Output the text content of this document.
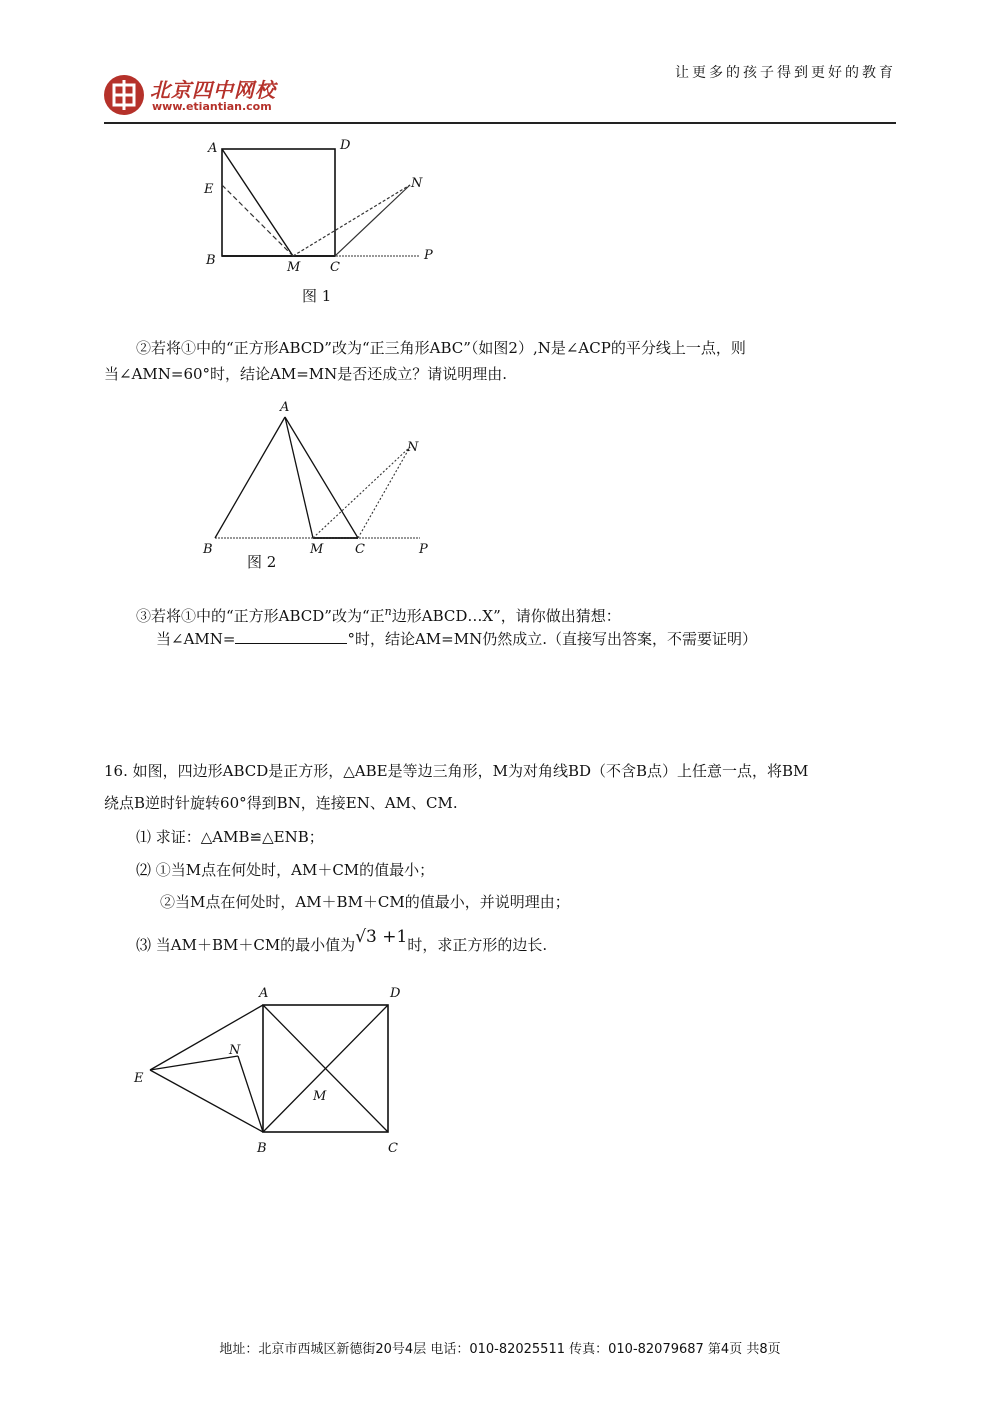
北京四中网校
www.etiantian.com
让更多的孩子得到更好的教育
A	D
E	N
B	M C
P
图 1
②若将①中的“正方形ABCD”改为“正三角形ABC”（如图2）,N是∠ACP的平分线上一点，则
当∠AMN=60°时，结论AM=MN是否还成立？请说明理由.
A
N
B	M C	P
图 2
③若将①中的“正方形ABCD”改为“正$^n$边形ABCD…X”，请你做出猜想：
当∠AMN=	°时，结论AM=MN仍然成立.（直接写出答案，不需要证明）
16. 如图，四边形ABCD是正方形，△ABE是等边三角形，M为对角线BD（不含B点）上任意一点，将BM
绕点B逆时针旋转60°得到BN，连接EN、AM、CM.
⑴ 求证：△AMB≌△ENB；
⑵ ①当M点在何处时，AM＋CM的值最小；
②当M点在何处时，AM＋BM＋CM的值最小，并说明理由；
⑶ 当AM＋BM＋CM的最小值为√3 +1时，求正方形的边长.
A	D
N
E
M
B	C
地址：北京市西城区新德街20号4层 电话：010-82025511 传真：010-82079687 第4页 共8页
